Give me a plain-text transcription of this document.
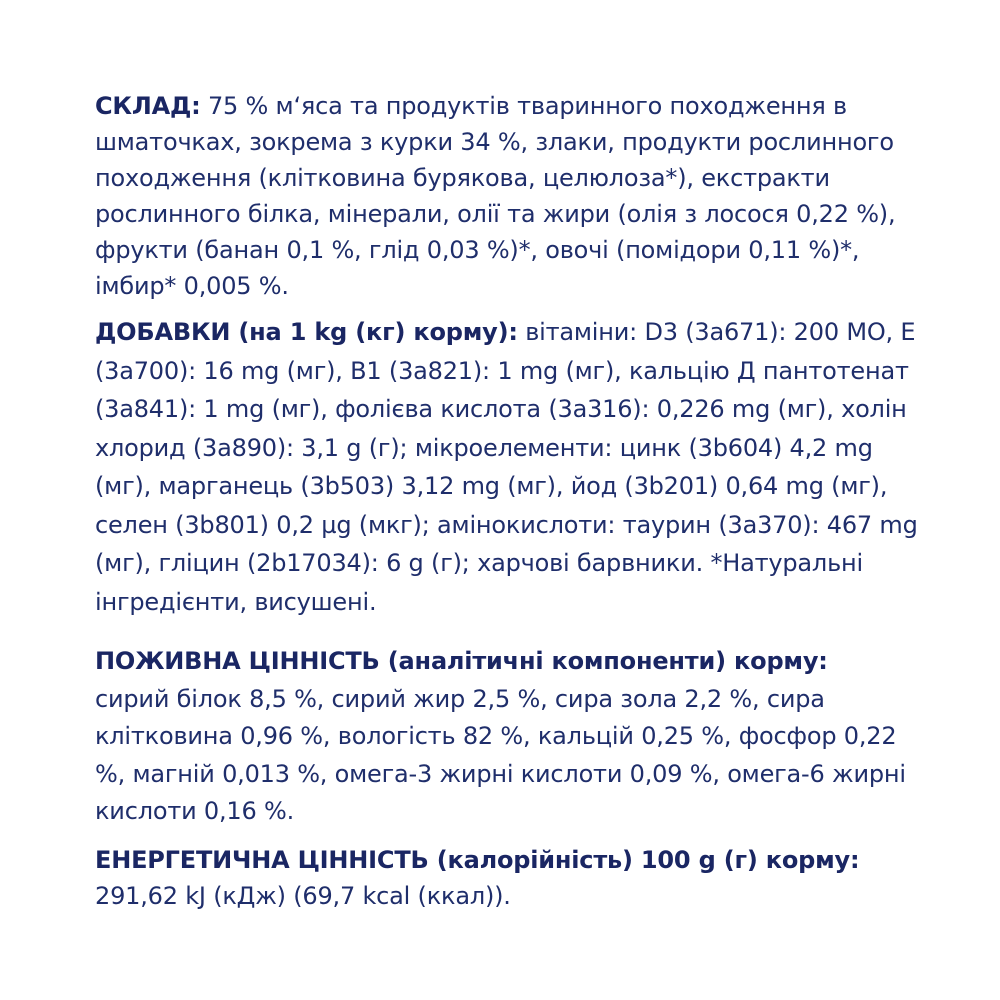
СКЛАД: 75 % м‘яса та продуктів тваринного походження в шматочках, зокрема з курки 34 %, злаки, продукти рослинного походження (клітковина бурякова, целюлоза*), екстракти рослинного білка, мінерали, олії та жири (олія з лосося 0,22 %), фрукти (банан 0,1 %, глід 0,03 %)*, овочі (помідори 0,11 %)*, імбир* 0,005 %.
ДОБАВКИ (на 1 kg (кг) корму): вітаміни: D3 (3a671): 200 МО, Е (3a700): 16 mg (мг), B1 (3a821): 1 mg (мг), кальцію Д пантотенат (3a841): 1 mg (мг), фолієва кислота (3a316): 0,226 mg (мг), холін хлорид (3a890): 3,1 g (г); мікроелементи: цинк (3b604) 4,2 mg (мг), марганець (3b503) 3,12 mg (мг), йод (3b201) 0,64 mg (мг), селен (3b801) 0,2 µg (мкг); амінокислоти: таурин (3a370): 467 mg (мг), гліцин (2b17034): 6 g (г); харчові барвники. *Натуральні інгредієнти, висушені.
ПОЖИВНА ЦІННІСТЬ (аналітичні компоненти) корму:
сирий білок 8,5 %, сирий жир 2,5 %, сира зола 2,2 %, сира клітковина 0,96 %, вологість 82 %, кальцій 0,25 %, фосфор 0,22 %, магній 0,013 %, омега-3 жирні кислоти 0,09 %, омега-6 жирні кислоти 0,16 %.
ЕНЕРГЕТИЧНА ЦІННІСТЬ (калорійність) 100 g (г) корму:
291,62 kJ (кДж) (69,7 kcal (ккал)).
